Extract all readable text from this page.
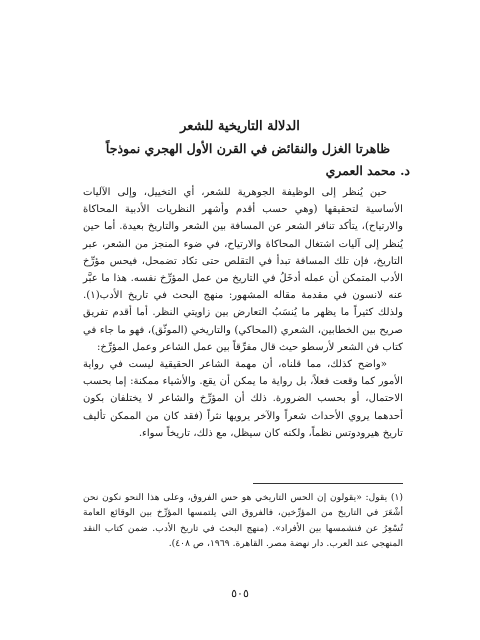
الدلالة التاريخية للشعر
ظاهرتا الغزل والنقائض في القرن الأول الهجري نموذجاً
د. محمد العمري

حين يُنظر إلى الوظيفة الجوهرية للشعر، أي التخييل، وإلى الآليات الأساسية لتحقيقها (وهي حسب أقدم وأشهر النظريات الأدبية المحاكاة والارتياح)، يتأكد تنافر الشعر عن المسافة بين الشعر والتاريخ بعيدة. أما حين يُنظر إلى آليات اشتغال المحاكاة والارتياح، في ضوء المنجز من الشعر، عبر التاريخ، فإن تلك المسافة تبدأ في التقلص حتى تكاد تضمحل، فيحس مؤرِّخ الأدب المتمكن أن عمله أدخَلُ في التاريخ من عمل المؤرِّخ نفسه. هذا ما عبَّر عنه لانسون في مقدمة مقاله المشهور: منهج البحث في تاريخ الأدب(١). ولذلك كثيراً ما يظهر ما يُنسَبُ التعارض بين زاويتي النظر. أما أقدم تفريق صريح بين الخطابين، الشعري (المحاكي) والتاريخي (الموثّق)، فهو ما جاء في كتاب فن الشعر لأرسطو حيث قال مفرِّقاً بين عمل الشاعر وعمل المؤرِّخ:

«واضح كذلك، مما قلناه، أن مهمة الشاعر الحقيقية ليست في رواية الأمور كما وقعت فعلاً، بل رواية ما يمكن أن يقع. والأشياء ممكنة: إما بحسب الاحتمال، أو بحسب الضرورة. ذلك أن المؤرِّخ والشاعر لا يختلفان بكون أحدهما يروي الأحداث شعراً والآخر يرويها نثراً (فقد كان من الممكن تأليف تاريخ هيرودوتس نظماً، ولكنه كان سيظل، مع ذلك، تاريخاً سواء.

(١) يقول: «يقولون إن الحس التاريخي هو حس الفروق، وعلى هذا النحو نكون نحن أشْعَرَ في التاريخ من المؤرِّخين، فالفروق التي يلتمسها المؤرِّخ بين الوقائع العامة تُسْعِرُ عن فنشمسها بين الأفراد». (منهج البحث في تاريخ الأدب. ضمن كتاب النقد المنهجي عند العرب. دار نهضة مصر. القاهرة. ١٩٦٩، ص ٤٠٨).

٥٠٥
